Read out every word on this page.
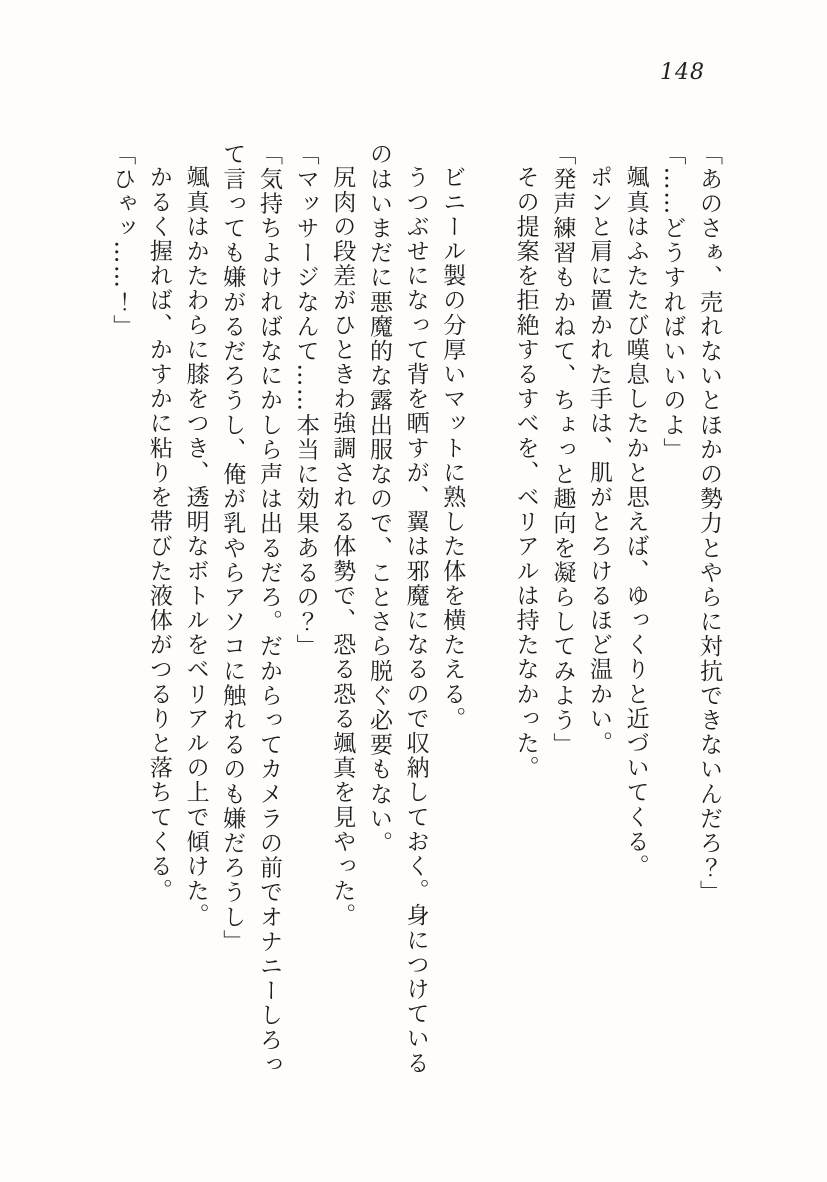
148

「あのさぁ、売れないとほかの勢力とやらに対抗できないんだろ？」

「……どうすればいいのよ」

颯真はふたたび嘆息したかと思えば、ゆっくりと近づいてくる。

ポンと肩に置かれた手は、肌がとろけるほど温かい。

「発声練習もかねて、ちょっと趣向を凝らしてみよう」

その提案を拒絶するすべを、ベリアルは持たなかった。

ビニール製の分厚いマットに熟した体を横たえる。

うつぶせになって背を晒すが、翼は邪魔になるので収納しておく。身につけているのはいまだに悪魔的な露出服なので、ことさら脱ぐ必要もない。

尻肉の段差がひときわ強調される体勢で、恐る恐る颯真を見やった。

「マッサージなんて……本当に効果あるの？」

「気持ちよければなにかしら声は出るだろ。だからってカメラの前でオナニーしろって言っても嫌がるだろうし、俺が乳やらアソコに触れるのも嫌だろうし」

颯真はかたわらに膝をつき、透明なボトルをベリアルの上で傾けた。

かるく握れば、かすかに粘りを帯びた液体がつるりと落ちてくる。

「ひゃッ……！」
